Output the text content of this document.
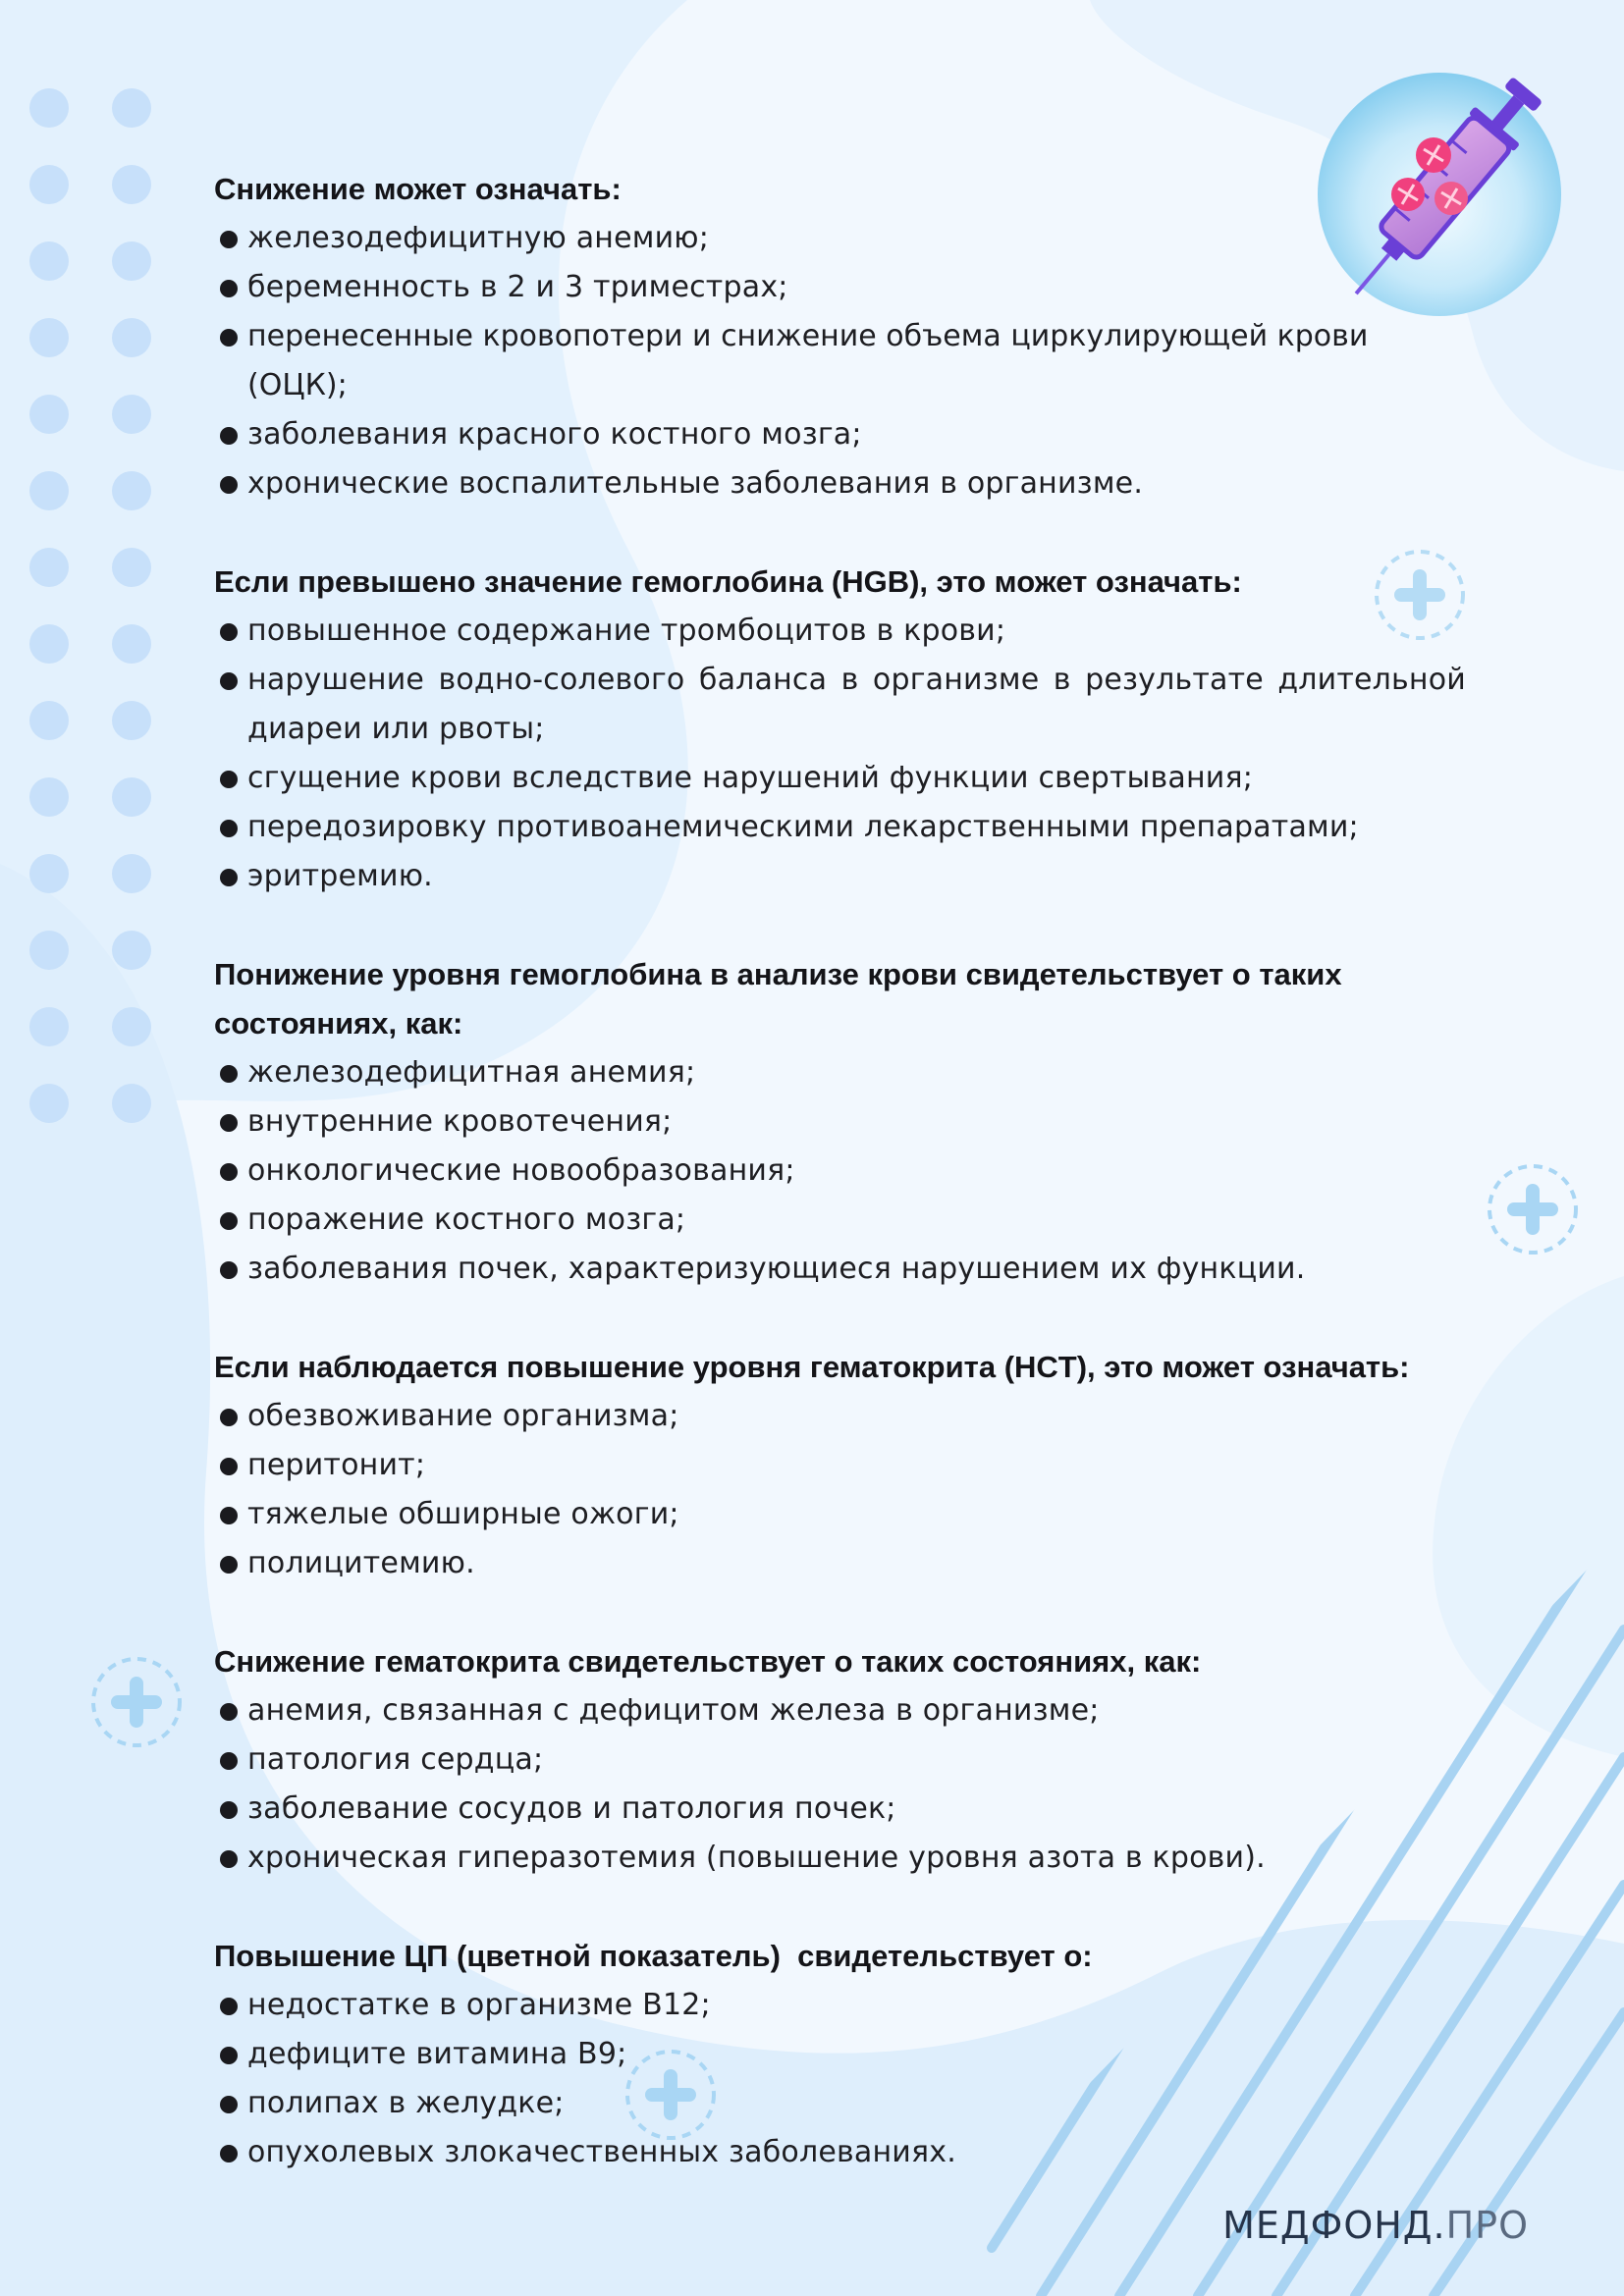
Снижение может означать:

железодефицитную анемию;
беременность в 2 и 3 триместрах;
перенесенные кровопотери и снижение объема циркулирующей крови (ОЦК);
заболевания красного костного мозга;
хронические воспалительные заболевания в организме.

Если превышено значение гемоглобина (HGB), это может означать:

повышенное содержание тромбоцитов в крови;
нарушение водно-солевого баланса в организме в результате длительной диареи или рвоты;
сгущение крови вследствие нарушений функции свертывания;
передозировку противоанемическими лекарственными препаратами;
эритремию.

Понижение уровня гемоглобина в анализе крови свидетельствует о таких состояниях, как:

железодефицитная анемия;
внутренние кровотечения;
онкологические новообразования;
поражение костного мозга;
заболевания почек, характеризующиеся нарушением их функции.

Если наблюдается повышение уровня гематокрита (HCT), это может означать:

обезвоживание организма;
перитонит;
тяжелые обширные ожоги;
полицитемию.

Снижение гематокрита свидетельствует о таких состояниях, как:

анемия, связанная с дефицитом железа в организме;
патология сердца;
заболевание сосудов и патология почек;
хроническая гиперазотемия (повышение уровня азота в крови).

Повышение ЦП (цветной показатель)  свидетельствует о:

недостатке в организме В12;
дефиците витамина В9;
полипах в желудке;
опухолевых злокачественных заболеваниях.
МЕДФОНД.ПРО
